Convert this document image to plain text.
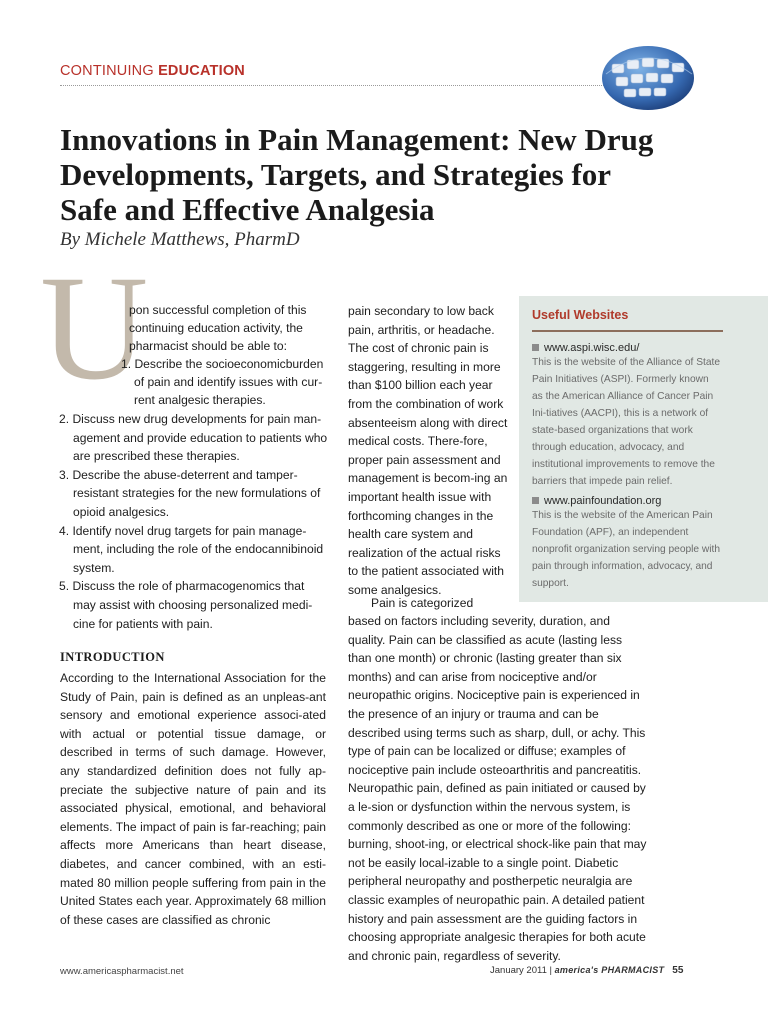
CONTINUING EDUCATION
Innovations in Pain Management: New Drug
Developments, Targets, and Strategies for
Safe and Effective Analgesia
By Michele Matthews, PharmD
U
pon successful completion of this
continuing education activity, the
pharmacist should be able to:
1. Describe the socioeconomicburden
of pain and identify issues with cur-
rent analgesic therapies.
2. Discuss new drug developments for pain man-agement and provide education to patients who are prescribed these therapies.
3. Describe the abuse-deterrent and tamper-resistant strategies for the new formulations of opioid analgesics.
4. Identify novel drug targets for pain manage-ment, including the role of the endocannibinoid system.
5. Discuss the role of pharmacogenomics that may assist with choosing personalized medi-cine for patients with pain.
INTRODUCTION
According to the International Association for the Study of Pain, pain is defined as an unpleas-ant sensory and emotional experience associ-ated with actual or potential tissue damage, or described in terms of such damage. However, any standardized definition does not fully ap-preciate the subjective nature of pain and its associated physical, emotional, and behavioral elements. The impact of pain is far-reaching; pain affects more Americans than heart disease, diabetes, and cancer combined, with an esti-mated 80 million people suffering from pain in the United States each year. Approximately 68 million of these cases are classified as chronic
pain secondary to low back pain, arthritis, or headache. The cost of chronic pain is staggering, resulting in more than $100 billion each year from the combination of work absenteeism along with direct medical costs. There-fore, proper pain assessment and management is becom-ing an important health issue with forthcoming changes in the health care system and realization of the actual risks to the patient associated with some analgesics.
Pain is categorized
based on factors including severity, duration, and quality. Pain can be classified as acute (lasting less than one month) or chronic (lasting greater than six months) and can arise from nociceptive and/or neuropathic origins. Nociceptive pain is experienced in the presence of an injury or trauma and can be described using terms such as sharp, dull, or achy. This type of pain can be localized or diffuse; examples of nociceptive pain include osteoarthritis and pancreatitis. Neuropathic pain, defined as pain initiated or caused by a le-sion or dysfunction within the nervous system, is commonly described as one or more of the following: burning, shoot-ing, or electrical shock-like pain that may not be easily local-izable to a single point. Diabetic peripheral neuropathy and postherpetic neuralgia are classic examples of neuropathic pain. A detailed patient history and pain assessment are the guiding factors in choosing appropriate analgesic therapies for both acute and chronic pain, regardless of severity.
Useful Websites
www.aspi.wisc.edu/
This is the website of the Alliance of State Pain Initiatives (ASPI). Formerly known as the American Alliance of Cancer Pain Ini-tiatives (AACPI), this is a network of state-based organizations that work through education, advocacy, and institutional improvements to remove the barriers that impede pain relief.
www.painfoundation.org
This is the website of the American Pain Foundation (APF), an independent nonprofit organization serving people with pain through information, advocacy, and support.
www.americaspharmacist.net	January 2011 | america's PHARMACIST 55
